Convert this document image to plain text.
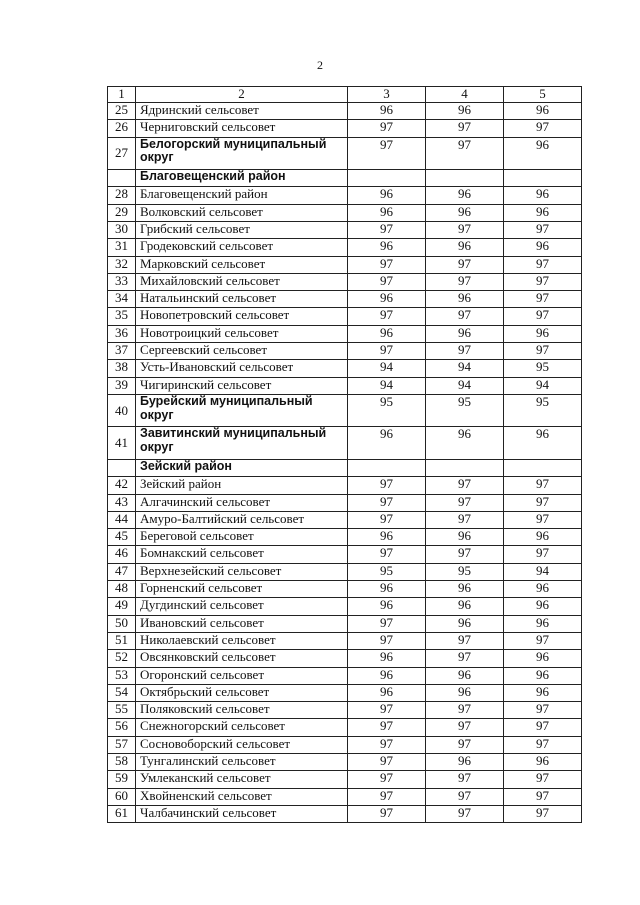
2
1	2	3	4	5
25	Ядринский сельсовет	96	96	96
26	Черниговский сельсовет	97	97	97
27	Белогорский муниципальный округ	97	97	96
	Благовещенский район			
28	Благовещенский район	96	96	96
29	Волковский сельсовет	96	96	96
30	Грибский сельсовет	97	97	97
31	Гродековский сельсовет	96	96	96
32	Марковский сельсовет	97	97	97
33	Михайловский сельсовет	97	97	97
34	Натальинский сельсовет	96	96	97
35	Новопетровский сельсовет	97	97	97
36	Новотроицкий сельсовет	96	96	96
37	Сергеевский сельсовет	97	97	97
38	Усть-Ивановский сельсовет	94	94	95
39	Чигиринский сельсовет	94	94	94
40	Бурейский муниципальный округ	95	95	95
41	Завитинский муниципальный округ	96	96	96
	Зейский район			
42	Зейский район	97	97	97
43	Алгачинский сельсовет	97	97	97
44	Амуро-Балтийский сельсовет	97	97	97
45	Береговой сельсовет	96	96	96
46	Бомнакский сельсовет	97	97	97
47	Верхнезейский сельсовет	95	95	94
48	Горненский сельсовет	96	96	96
49	Дугдинский сельсовет	96	96	96
50	Ивановский сельсовет	97	96	96
51	Николаевский сельсовет	97	97	97
52	Овсянковский сельсовет	96	97	96
53	Огоронский сельсовет	96	96	96
54	Октябрьский сельсовет	96	96	96
55	Поляковский сельсовет	97	97	97
56	Снежногорский сельсовет	97	97	97
57	Сосновоборский сельсовет	97	97	97
58	Тунгалинский сельсовет	97	96	96
59	Умлеканский сельсовет	97	97	97
60	Хвойненский сельсовет	97	97	97
61	Чалбачинский сельсовет	97	97	97
